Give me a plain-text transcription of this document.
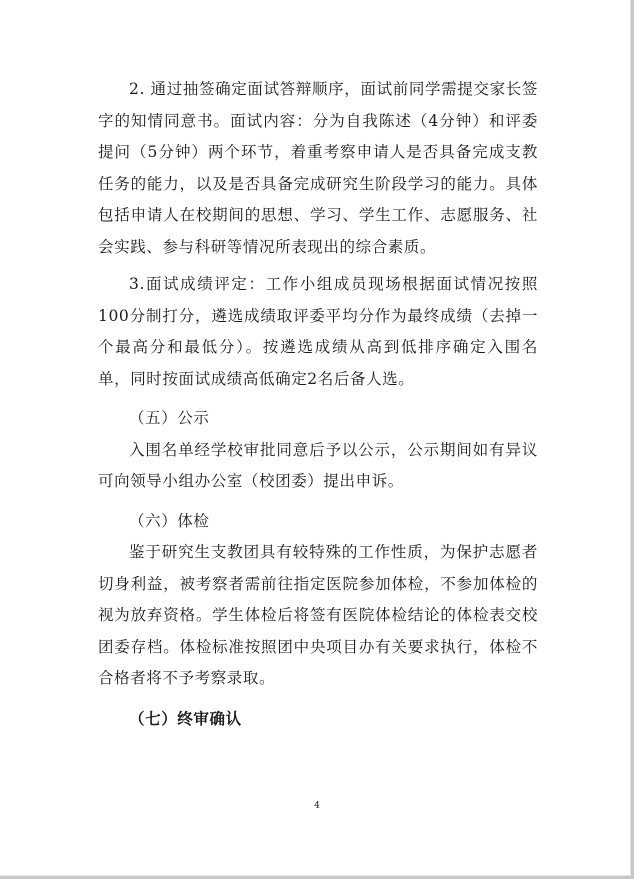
2. 通过抽签确定面试答辩顺序，面试前同学需提交家长签字的知情同意书。面试内容：分为自我陈述（4分钟）和评委提问（5分钟）两个环节，着重考察申请人是否具备完成支教任务的能力，以及是否具备完成研究生阶段学习的能力。具体包括申请人在校期间的思想、学习、学生工作、志愿服务、社会实践、参与科研等情况所表现出的综合素质。

3.面试成绩评定：工作小组成员现场根据面试情况按照100分制打分，遴选成绩取评委平均分作为最终成绩（去掉一个最高分和最低分）。按遴选成绩从高到低排序确定入围名单，同时按面试成绩高低确定2名后备人选。

（五）公示

入围名单经学校审批同意后予以公示，公示期间如有异议可向领导小组办公室（校团委）提出申诉。

（六）体检

鉴于研究生支教团具有较特殊的工作性质，为保护志愿者切身利益，被考察者需前往指定医院参加体检，不参加体检的视为放弃资格。学生体检后将签有医院体检结论的体检表交校团委存档。体检标准按照团中央项目办有关要求执行，体检不合格者将不予考察录取。

（七）终审确认

4
